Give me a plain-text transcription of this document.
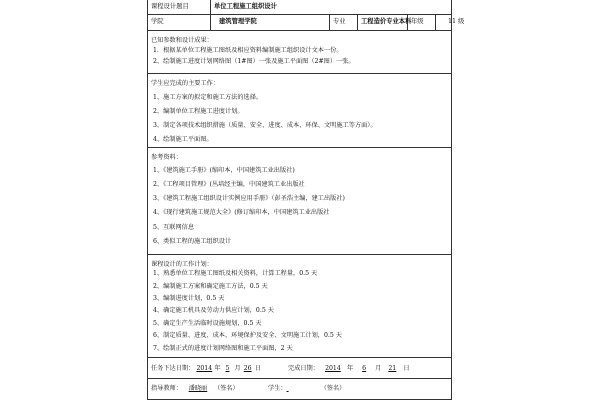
课程设计题目	单位工程施工组织设计
学院	建筑管理学院	专业	工程造价专业本科 年级	11 级
已知参数和设计成果：
1．根据某单位工程施工图纸及相应资料编制施工组织设计文本一份。
2、绘制施工进度计划网络图（1#图）一张及施工平面图（2#图）一张。
学生应完成的主要工作：
1、施工方案的拟定和施工方法的选择。
2、编制单位工程施工进度计划。
3、制定各项技术组织措施（质量、安全、进度、成本、环保、文明施工等方面）。
4、绘制施工平面图。
参考资料：
1、《建筑施工手册》(缩印本，中国建筑工业出版社)
2、《工程项目管理》(丛培经主编，中国建筑工业出版社
3、《建筑工程施工组织设计实例应用手册》（彭圣浩主编，建工出版社)
4、《现行建筑施工规范大全》(修订缩印本，中国建筑工业出版社
5、互联网信息
6、类似工程的施工组织设计
课程设计的工作计划：
1、熟悉单位工程施工图纸及相关资料，计算工程量，0.5 天
2、编制施工方案和确定施工方法，0.5 天
3、编制进度计划，0.5 天
4、确定施工机具及劳动力供应计划，0.5 天
5、确定生产生活临时设施规划，0.5 天
6、制定质量、进度、成本、环境保护及安全、文明施工计划，0.5 天
7、绘制正式的进度计划网络图和施工平面图，2 天
任务下达日期： 2014 年 5 月 26 日	完成日期： 2014 年 6 月 21 日
指导教师： 潘晓丽 （签名）	学生：	（签名）
